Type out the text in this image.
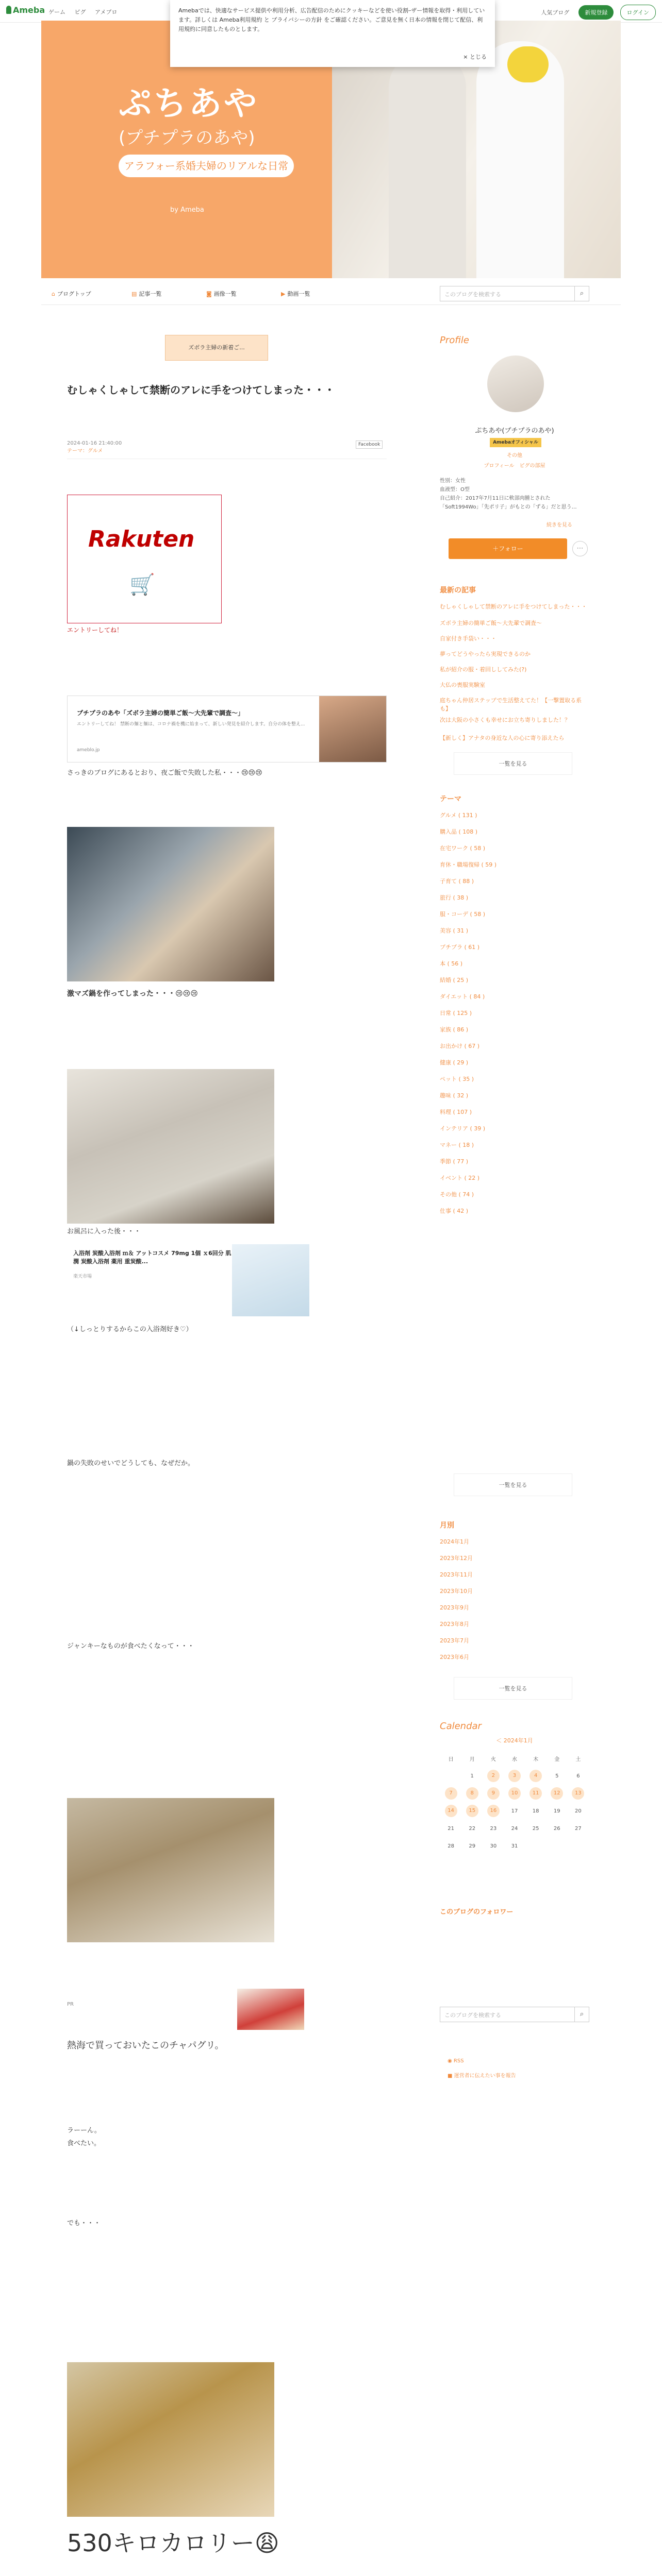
Ameba ゲーム ピグ アメブロ	人気ブログ	新規登録	ログイン
Amebaでは、快適なサービス提供や利用分析、広告配信のためにクッキーなどを使い役割ｰザー情報を取得・利用しています。詳しくは Ameba利用規約 と プライバシーの方針 をご確認ください。ご意見を無く日本の情報を閉じて配信、利用規約に同意したものとします。
× とじる
ぷちあや
(プチプラのあや)
アラフォー系婚夫婦のリアルな日常
by Ameba
⌂ ブログトップ	▤ 記事一覧	◙ 画像一覧	▶ 動画一覧	このブログを検索する	⌕
ズボラ主婦の新着ご...
むしゃくしゃして禁断のアレに手をつけてしまった・・・
2024-01-16 21:40:00
テーマ：グルメ
Facebook
Rakuten
🛒
エントリーしてね！
プチプラのあや「ズボラ主婦の簡単ご飯〜大先輩で調査〜」
エントリーしてね！ 禁断の麺と麺は、コロナ禍を機に始まって、新しい発見を紹介します。自分の体を整え...
ameblo.jp
さっきのブログにあるとおり、夜ご飯で失敗した私・・・😢😢😢
激マズ鍋を作ってしまった・・・😢😢😢
お風呂に入った後・・・
入浴剤 炭酸入浴剤 ｍ＆ アットコスメ 79mg 1個 ｘ6回分 肌潤 炭酸入浴剤 薬用 重炭酸...
楽天市場
（↓しっとりするからこの入浴剤好き♡）
鍋の失敗のせいでどうしても、なぜだか。
ジャンキーなものが食べたくなって・・・
PR
熱海で買っておいたこのチャパグリ。
ラーーん。
食べたい。
でも・・・
530キロカロリー😩
Profile
ぷちあや(プチプラのあや)
Amebaオフィシャル
その他
プロフィール　ピグの部屋
性別：女性
血液型：O型
自己紹介：2017年7月11日に軟部肉腫とされた「Soft1994Wo」「先ポリ子」がもとの「ずる」だと思う…
続きを見る
＋フォロー	⋯
最新の記事
むしゃくしゃして禁断のアレに手をつけてしまった・・・
ズボラ主婦の簡単ご飯〜大先輩で調査〜
自家付き手袋い・・・
夢ってどうやったら実現できるのか
私が紹介の服・着回ししてみた(?)
大仏の喪服実験室
庭ちゃん仲居ステップで生活整えてた！【一撃置取る系も】
次は大阪の小さくも幸せにお立ち寄りしました！？
【新しく】アナタの身近な人の心に寄り添えたら
一覧を見る
テーマ
グルメ ( 131 )
購入品 ( 108 )
在宅ワーク ( 58 )
育休・職場復帰 ( 59 )
子育て ( 88 )
旅行 ( 38 )
服・コーデ ( 58 )
美容 ( 31 )
プチプラ ( 61 )
本 ( 56 )
結婚 ( 25 )
ダイエット ( 84 )
日常 ( 125 )
家族 ( 86 )
お出かけ ( 67 )
健康 ( 29 )
ペット ( 35 )
趣味 ( 32 )
料理 ( 107 )
インテリア ( 39 )
マネー ( 18 )
季節 ( 77 )
イベント ( 22 )
その他 ( 74 )
仕事 ( 42 )
一覧を見る
月別
2024年1月
2023年12月
2023年11月
2023年10月
2023年9月
2023年8月
2023年7月
2023年6月
一覧を見る
Calendar
＜ 2024年1月
日	月	火	水	木	金	土
	1	2	3	4	5	6
7	8	9	10	11	12	13
14	15	16	17	18	19	20
21	22	23	24	25	26	27
28	29	30	31			
このブログのフォロワー
このブログを検索する	⌕
◉ RSS
■ 運営者に伝えたい事を報告
